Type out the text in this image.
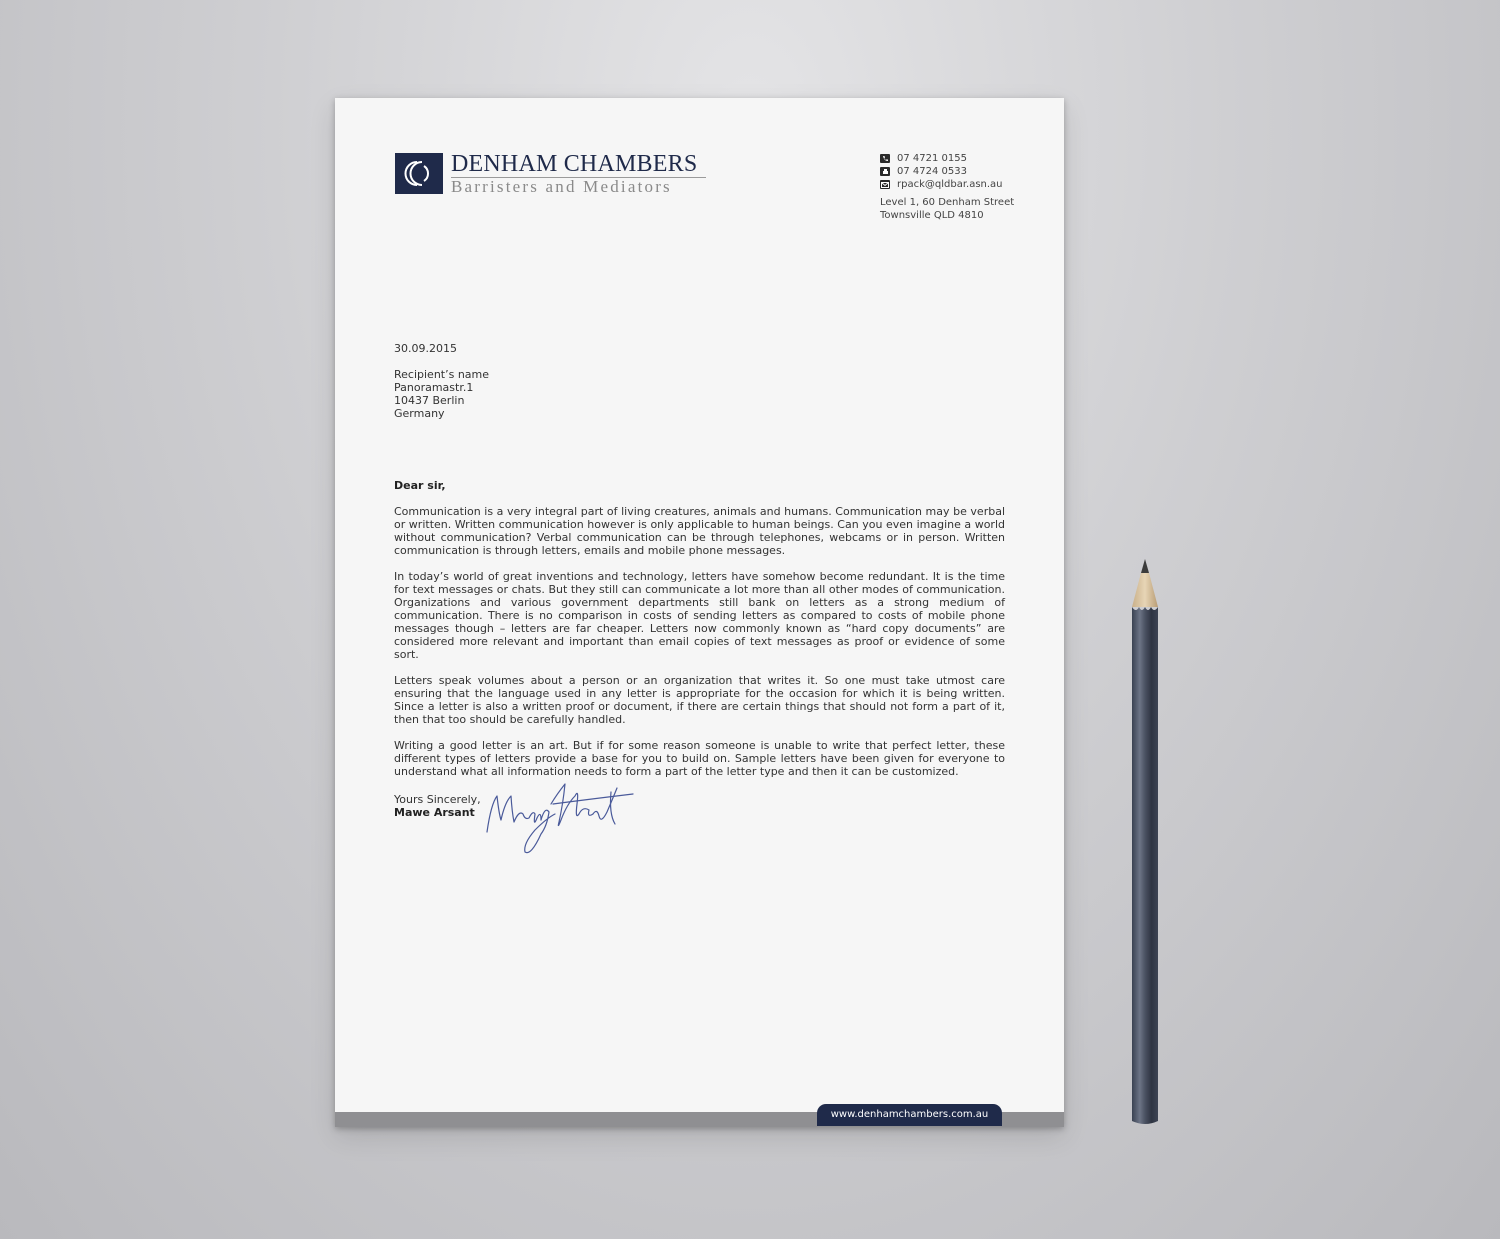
DENHAM CHAMBERS
Barristers and Mediators
07 4721 0155
07 4724 0533
rpack@qldbar.asn.au
Level 1, 60 Denham Street
Townsville QLD 4810
30.09.2015
Recipient’s name
Panoramastr.1
10437 Berlin
Germany
Dear sir,

Communication is a very integral part of living creatures, animals and humans. Communication may be verbal or written. Written communication however is only applicable to human beings. Can you even imagine a world without communication? Verbal communication can be through telephones, webcams or in person. Written communication is through letters, emails and mobile phone messages.

In today’s world of great inventions and technology, letters have somehow become redundant. It is the time for text messages or chats. But they still can communicate a lot more than all other modes of communication. Organizations and various government departments still bank on letters as a strong medium of communication. There is no comparison in costs of sending letters as compared to costs of mobile phone messages though – letters are far cheaper. Letters now commonly known as “hard copy documents” are considered more relevant and important than email copies of text messages as proof or evidence of some sort.

Letters speak volumes about a person or an organization that writes it. So one must take utmost care ensuring that the language used in any letter is appropriate for the occasion for which it is being written. Since a letter is also a written proof or document, if there are certain things that should not form a part of it, then that too should be carefully handled.

Writing a good letter is an art. But if for some reason someone is unable to write that perfect letter, these different types of letters provide a base for you to build on. Sample letters have been given for everyone to understand what all information needs to form a part of the letter type and then it can be customized.

Yours Sincerely,
Mawe Arsant
www.denhamchambers.com.au
